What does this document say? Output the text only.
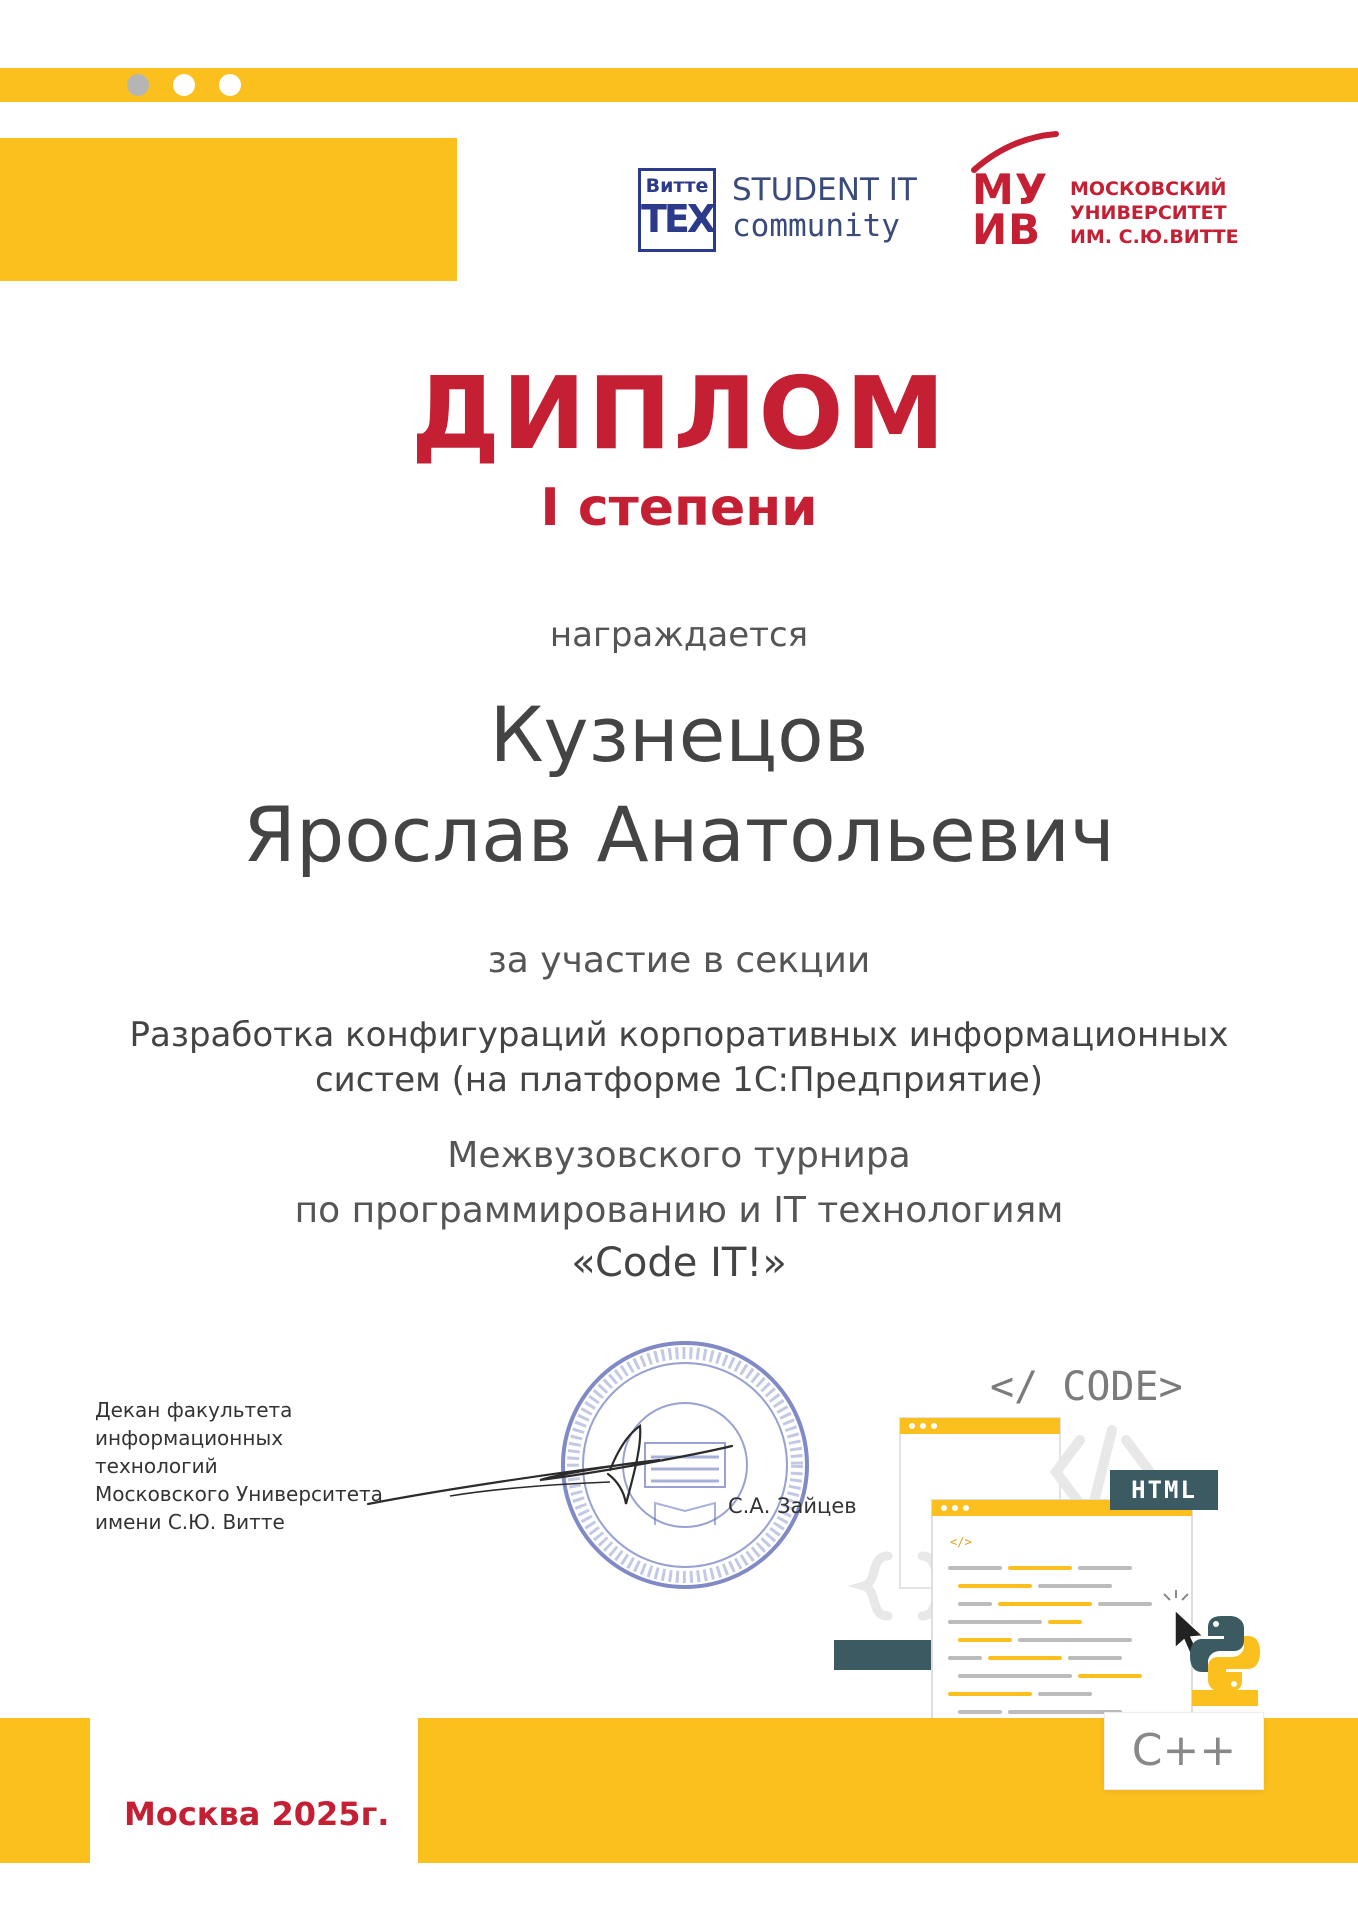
Витте
TEX
STUDENT IT
community
МУ
ИВ
МОСКОВСКИЙ
УНИВЕРСИТЕТ
ИМ. С.Ю.ВИТТЕ
ДИПЛОМ
I степени
награждается
Кузнецов
Ярослав Анатольевич
за участие в секции
Разработка конфигураций корпоративных информационных
систем (на платформе 1С:Предприятие)
Межвузовского турнира
по программированию и IT технологиям
«Code IT!»
Декан факультета
информационных
технологий
Московского Университета
имени С.Ю. Витте
С.А. Зайцев
</ CODE>
</>
HTML
C++
Москва 2025г.
